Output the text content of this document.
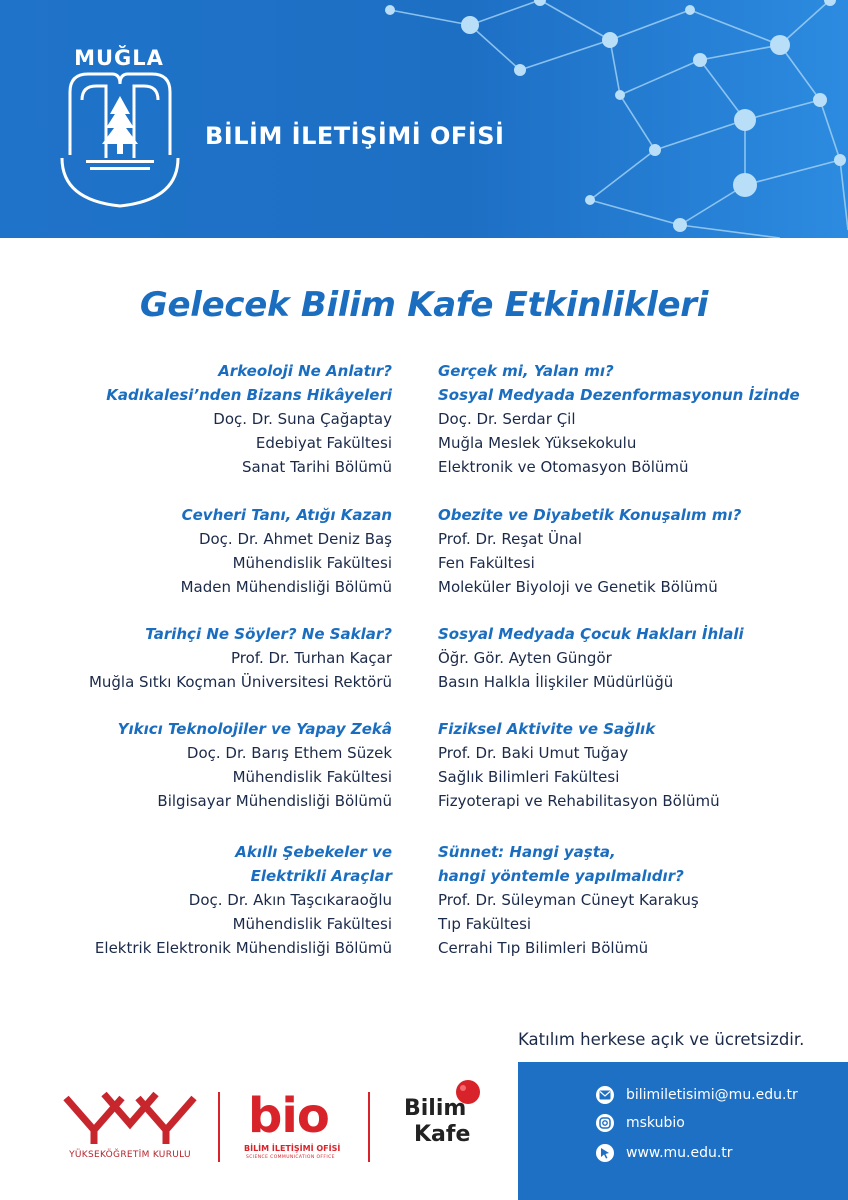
MUĞLA
BİLİM İLETİŞİMİ OFİSİ
Gelecek Bilim Kafe Etkinlikleri
Arkeoloji Ne Anlatır?
Kadıkalesi’nden Bizans Hikâyeleri
Doç. Dr. Suna Çağaptay
Edebiyat Fakültesi
Sanat Tarihi Bölümü
Gerçek mi, Yalan mı?
Sosyal Medyada Dezenformasyonun İzinde
Doç. Dr. Serdar Çil
Muğla Meslek Yüksekokulu
Elektronik ve Otomasyon Bölümü
Cevheri Tanı, Atığı Kazan
Doç. Dr. Ahmet Deniz Baş
Mühendislik Fakültesi
Maden Mühendisliği Bölümü
Obezite ve Diyabetik Konuşalım mı?
Prof. Dr. Reşat Ünal
Fen Fakültesi
Moleküler Biyoloji ve Genetik Bölümü
Tarihçi Ne Söyler? Ne Saklar?
Prof. Dr. Turhan Kaçar
Muğla Sıtkı Koçman Üniversitesi Rektörü
Sosyal Medyada Çocuk Hakları İhlali
Öğr. Gör. Ayten Güngör
Basın Halkla İlişkiler Müdürlüğü
Yıkıcı Teknolojiler ve Yapay Zekâ
Doç. Dr. Barış Ethem Süzek
Mühendislik Fakültesi
Bilgisayar Mühendisliği Bölümü
Fiziksel Aktivite ve Sağlık
Prof. Dr. Baki Umut Tuğay
Sağlık Bilimleri Fakültesi
Fizyoterapi ve Rehabilitasyon Bölümü
Akıllı Şebekeler ve
Elektrikli Araçlar
Doç. Dr. Akın Taşcıkaraoğlu
Mühendislik Fakültesi
Elektrik Elektronik Mühendisliği Bölümü
Sünnet: Hangi yaşta,
hangi yöntemle yapılmalıdır?
Prof. Dr. Süleyman Cüneyt Karakuş
Tıp Fakültesi
Cerrahi Tıp Bilimleri Bölümü
Katılım herkese açık ve ücretsizdir.
bilimiletisimi@mu.edu.tr
mskubio
www.mu.edu.tr
YÜKSEKÖĞRETİM KURULU
bio
BİLİM İLETİŞİMİ OFİSİ
SCIENCE COMMUNICATION OFFICE
Bilim
Kafe
